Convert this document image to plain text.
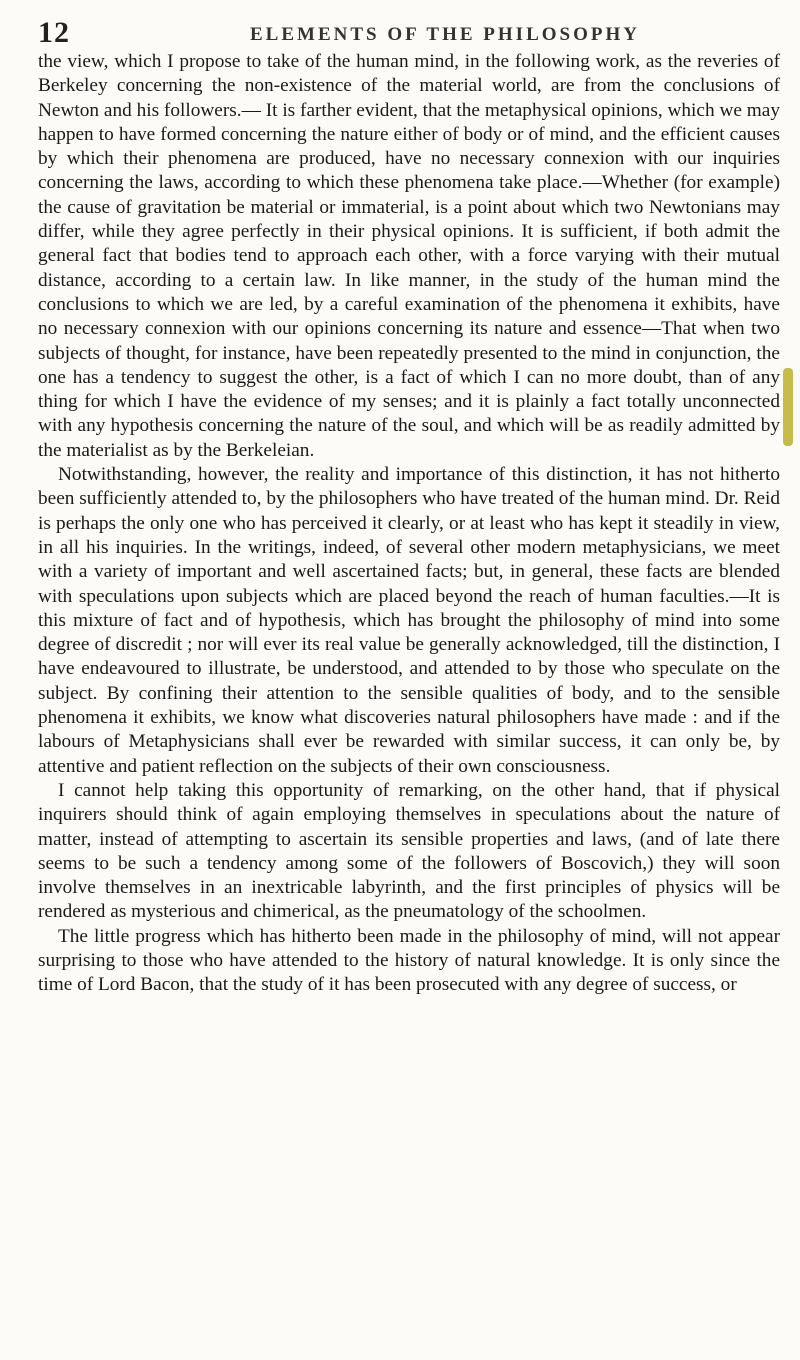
12	ELEMENTS OF THE PHILOSOPHY

the view, which I propose to take of the human mind, in the following work, as the reveries of Berkeley concerning the non-existence of the material world, are from the conclusions of Newton and his followers.— It is farther evident, that the metaphysical opinions, which we may happen to have formed concerning the nature either of body or of mind, and the efficient causes by which their phenomena are produced, have no necessary connexion with our inquiries concerning the laws, according to which these phenomena take place.—Whether (for example) the cause of gravitation be material or immaterial, is a point about which two Newtonians may differ, while they agree perfectly in their physical opinions. It is sufficient, if both admit the general fact that bodies tend to approach each other, with a force varying with their mutual distance, according to a certain law. In like manner, in the study of the human mind the conclusions to which we are led, by a careful examination of the phenomena it exhibits, have no necessary connexion with our opinions concerning its nature and essence—That when two subjects of thought, for instance, have been repeatedly presented to the mind in conjunction, the one has a tendency to suggest the other, is a fact of which I can no more doubt, than of any thing for which I have the evidence of my senses; and it is plainly a fact totally unconnected with any hypothesis concerning the nature of the soul, and which will be as readily admitted by the materialist as by the Berkeleian.

Notwithstanding, however, the reality and importance of this distinction, it has not hitherto been sufficiently attended to, by the philosophers who have treated of the human mind. Dr. Reid is perhaps the only one who has perceived it clearly, or at least who has kept it steadily in view, in all his inquiries. In the writings, indeed, of several other modern metaphysicians, we meet with a variety of important and well ascertained facts; but, in general, these facts are blended with speculations upon subjects which are placed beyond the reach of human faculties.—It is this mixture of fact and of hypothesis, which has brought the philosophy of mind into some degree of discredit ; nor will ever its real value be generally acknowledged, till the distinction, I have endeavoured to illustrate, be understood, and attended to by those who speculate on the subject. By confining their attention to the sensible qualities of body, and to the sensible phenomena it exhibits, we know what discoveries natural philosophers have made : and if the labours of Metaphysicians shall ever be rewarded with similar success, it can only be, by attentive and patient reflection on the subjects of their own consciousness.

I cannot help taking this opportunity of remarking, on the other hand, that if physical inquirers should think of again employing themselves in speculations about the nature of matter, instead of attempting to ascertain its sensible properties and laws, (and of late there seems to be such a tendency among some of the followers of Boscovich,) they will soon involve themselves in an inextricable labyrinth, and the first principles of physics will be rendered as mysterious and chimerical, as the pneumatology of the schoolmen.

The little progress which has hitherto been made in the philosophy of mind, will not appear surprising to those who have attended to the history of natural knowledge. It is only since the time of Lord Bacon, that the study of it has been prosecuted with any degree of success, or
